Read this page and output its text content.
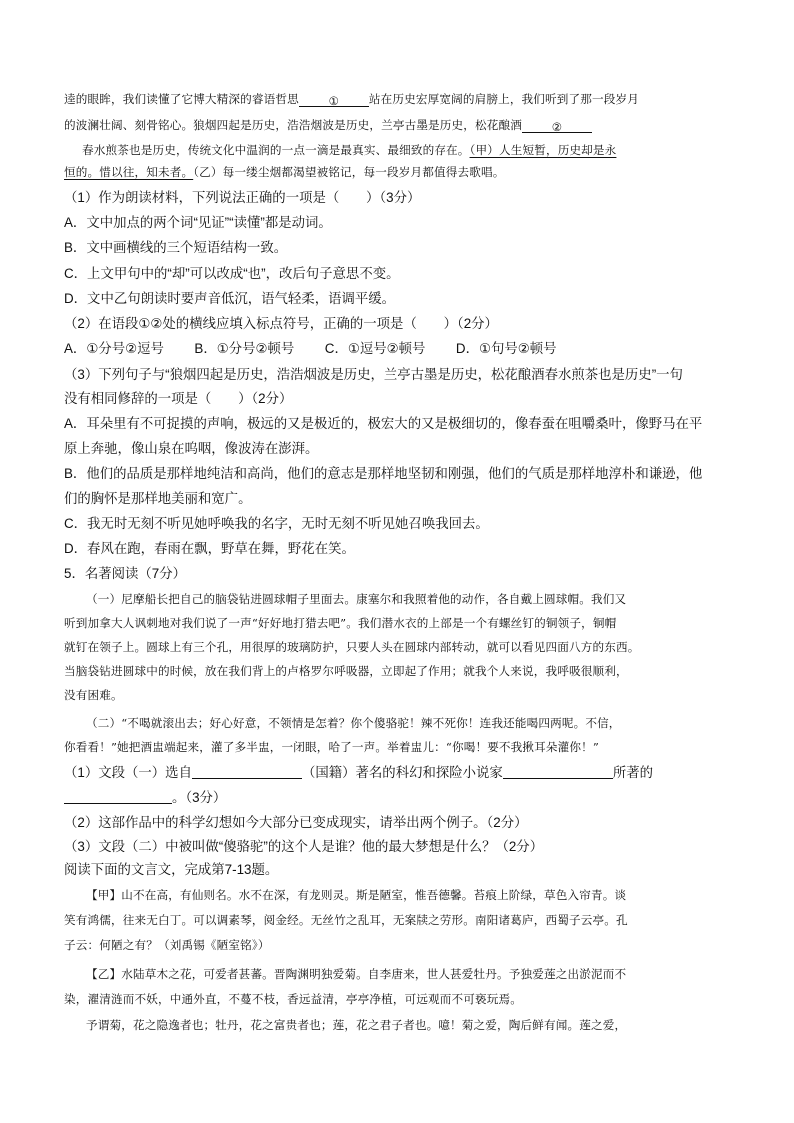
逵的眼眸，我们读懂了它博大精深的睿语哲思	①	站在历史宏厚宽阔的肩膀上，我们听到了那一段岁月
的波澜壮阔、刻骨铭心。狼烟四起是历史，浩浩烟波是历史，兰亭古墨是历史，松花酿酒	②
春水煎茶也是历史，传统文化中温润的一点一滴是最真实、最细致的存在。（甲）人生短暂，历史却是永
恒的。惜以往，知未者。（乙）每一缕尘烟都渴望被铭记，每一段岁月都值得去歌唱。
（1）作为朗读材料，下列说法正确的一项是（　　）（3分）
A．文中加点的两个词“见证”“读懂”都是动词。
B．文中画横线的三个短语结构一致。
C．上文甲句中的“却”可以改成“也”，改后句子意思不变。
D．文中乙句朗读时要声音低沉，语气轻柔，语调平缓。
（2）在语段①②处的横线应填入标点符号，正确的一项是（　　）（2分）
A．①分号②逗号　　 B．①分号②顿号　　 C．①逗号②顿号　　 D．①句号②顿号
（3）下列句子与“狼烟四起是历史，浩浩烟波是历史，兰亭古墨是历史，松花酿酒春水煎茶也是历史”一句
没有相同修辞的一项是（　　）（2分）
A．耳朵里有不可捉摸的声响，极远的又是极近的，极宏大的又是极细切的，像春蚕在咀嚼桑叶，像野马在平
原上奔驰，像山泉在呜咽，像波涛在澎湃。
B．他们的品质是那样地纯洁和高尚，他们的意志是那样地坚韧和刚强，他们的气质是那样地淳朴和谦逊，他
们的胸怀是那样地美丽和宽广。
C．我无时无刻不听见她呼唤我的名字，无时无刻不听见她召唤我回去。
D．春风在跑，春雨在飘，野草在舞，野花在笑。
5．名著阅读（7分）
（一）尼摩船长把自己的脑袋钻进圆球帽子里面去。康塞尔和我照着他的动作，各自戴上圆球帽。我们又
听到加拿大人讽刺地对我们说了一声“好好地打猎去吧”。我们潜水衣的上部是一个有螺丝钉的铜领子，铜帽
就钉在领子上。圆球上有三个孔，用很厚的玻璃防护，只要人头在圆球内部转动，就可以看见四面八方的东西。
当脑袋钻进圆球中的时候，放在我们背上的卢格罗尔呼吸器，立即起了作用；就我个人来说，我呼吸很顺利，
没有困难。
（二）“不喝就滚出去；好心好意，不领情是怎着？你个傻骆驼！辣不死你！连我还能喝四两呢。不信，
你看看！”她把酒盅端起来，灌了多半盅，一闭眼，哈了一声。举着盅儿：“你喝！要不我揪耳朵灌你！”
（1）文段（一）选自	（国籍）著名的科幻和探险小说家	所著的
。（3分）
（2）这部作品中的科学幻想如今大部分已变成现实，请举出两个例子。（2分）
（3）文段（二）中被叫做“傻骆驼”的这个人是谁？他的最大梦想是什么？（2分）
阅读下面的文言文，完成第7-13题。
【甲】山不在高，有仙则名。水不在深，有龙则灵。斯是陋室，惟吾德馨。苔痕上阶绿，草色入帘青。谈
笑有鸿儒，往来无白丁。可以调素琴，阅金经。无丝竹之乱耳，无案牍之劳形。南阳诸葛庐，西蜀子云亭。孔
子云：何陋之有？（刘禹锡《陋室铭》）
【乙】水陆草木之花，可爱者甚蕃。晋陶渊明独爱菊。自李唐来，世人甚爱牡丹。予独爱莲之出淤泥而不
染，濯清涟而不妖，中通外直，不蔓不枝，香远益清，亭亭净植，可远观而不可亵玩焉。
予谓菊，花之隐逸者也；牡丹，花之富贵者也；莲，花之君子者也。噫！菊之爱，陶后鲜有闻。莲之爱，
